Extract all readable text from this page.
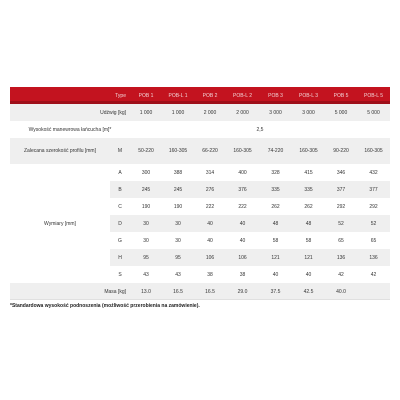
Type		POB 1	POB-L 1	POB 2	POB-L 2	POB 3	POB-L 3	POB 5	POB-L 5
Udźwig [kg]		1 000	1 000	2 000	2 000	3 000	3 000	5 000	5 000
Wysokość manewrowa łańcucha [m]*		2,5							
Zalecana szerokość profilu [mm]	M	50-220	160-305	66-220	160-305	74-220	160-305	90-220	160-305
Wymiary [mm]	A	300	388	314	400	328	415	346	432
	B	245	245	276	376	335	335	377	377
	C	190	190	222	222	262	262	292	292
	D	30	30	40	40	48	48	52	52
	G	30	30	40	40	58	58	65	65
	H	95	95	106	106	121	121	136	136
	S	43	43	38	38	40	40	42	42
Masa [kg]		13.0	16.5	16.5	29.0	37.5	42.5	40.0	
*Standardowa wysokość podnoszenia (możliwość przerobienia na zamówienie).
